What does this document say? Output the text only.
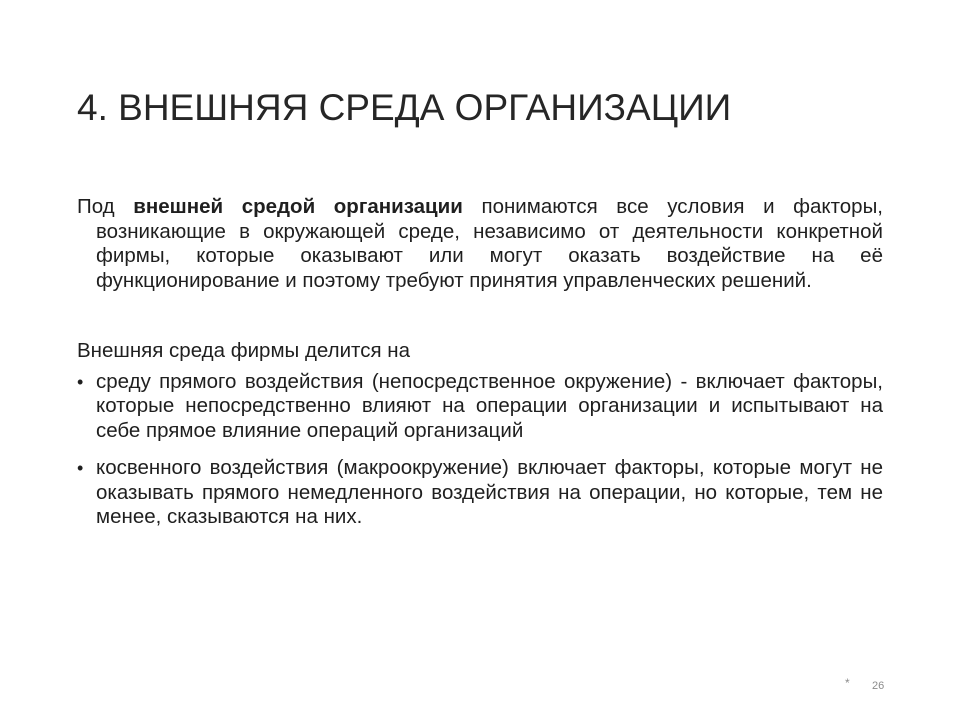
4. ВНЕШНЯЯ СРЕДА ОРГАНИЗАЦИИ

Под внешней средой организации понимаются все условия и факторы, возникающие в окружающей среде, независимо от деятельности конкретной фирмы, которые оказывают или могут оказать воздействие на её функционирование и поэтому требуют принятия управленческих решений.

Внешняя среда фирмы делится на

• среду прямого воздействия (непосредственное окружение) - включает факторы, которые непосредственно влияют на операции организации и испытывают на себе прямое влияние операций организаций
• косвенного воздействия (макроокружение) включает факторы, которые могут не оказывать прямого немедленного воздействия на операции, но которые, тем не менее, сказываются на них.
* 26
